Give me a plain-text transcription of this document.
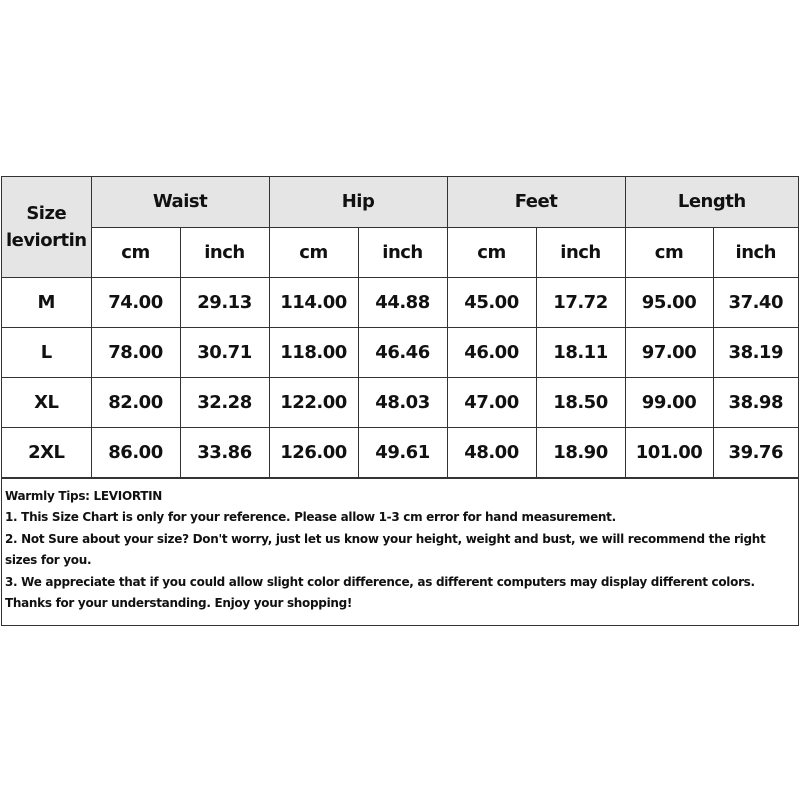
Size
leviortin	Waist		Hip		Feet		Length	
	cm	inch	cm	inch	cm	inch	cm	inch
M	74.00	29.13	114.00	44.88	45.00	17.72	95.00	37.40
L	78.00	30.71	118.00	46.46	46.00	18.11	97.00	38.19
XL	82.00	32.28	122.00	48.03	47.00	18.50	99.00	38.98
2XL	86.00	33.86	126.00	49.61	48.00	18.90	101.00	39.76
Warmly Tips: LEVIORTIN
1. This Size Chart is only for your reference. Please allow 1-3 cm error for hand measurement.
2. Not Sure about your size? Don't worry, just let us know your height, weight and bust, we will recommend the right sizes for you.
3. We appreciate that if you could allow slight color difference, as different computers may display different colors.
Thanks for your understanding. Enjoy your shopping!
